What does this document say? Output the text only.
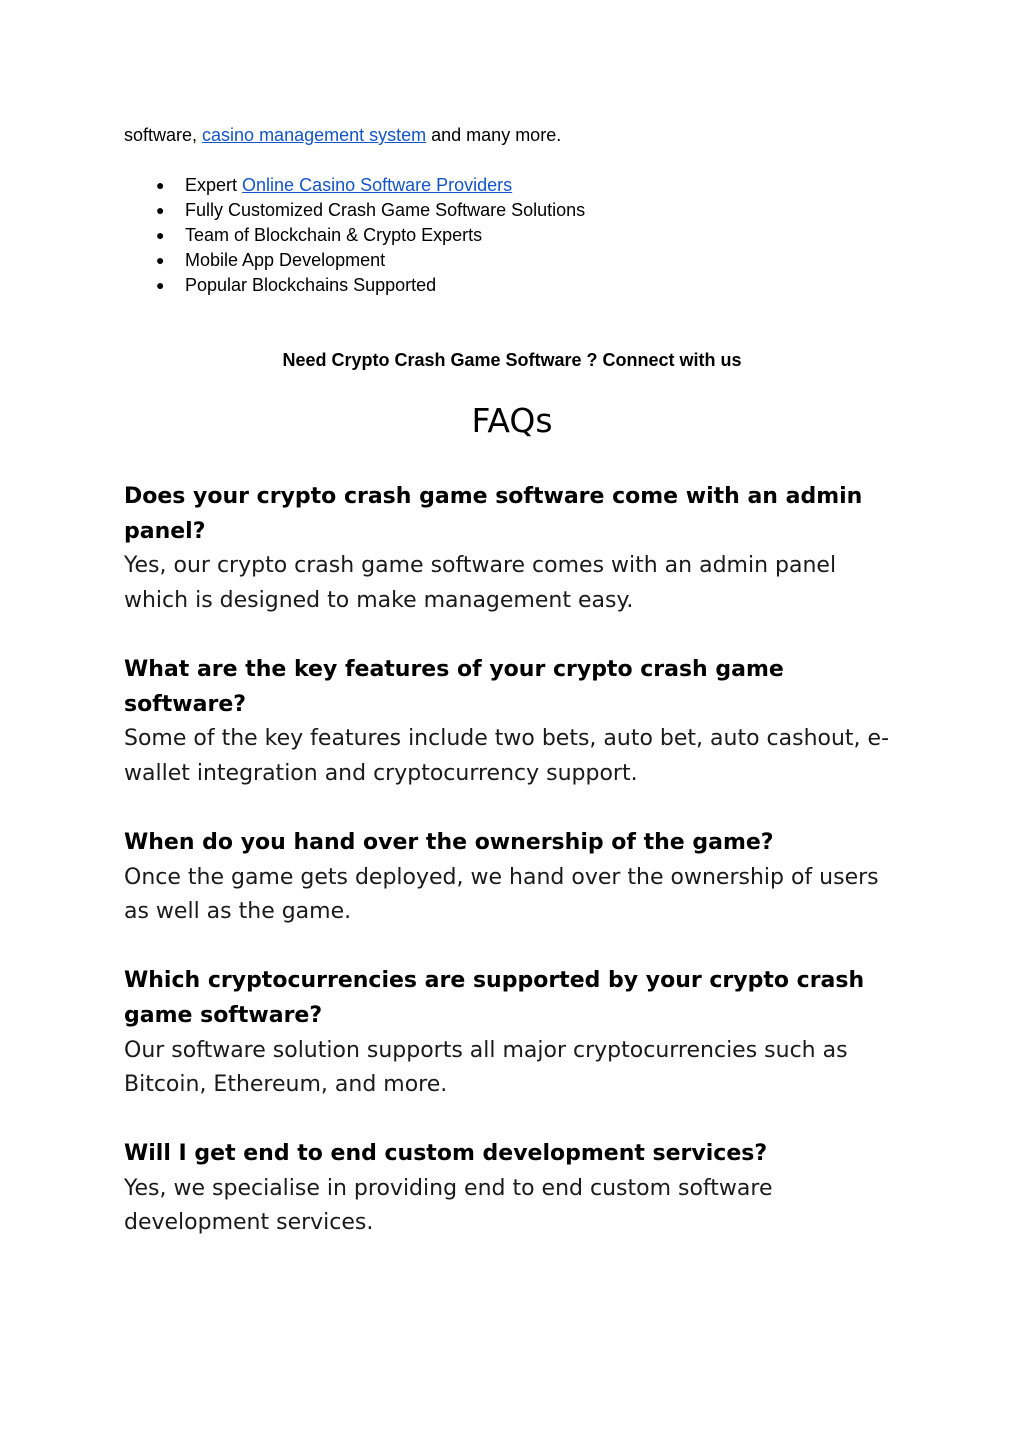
software, casino management system and many more.

● Expert Online Casino Software Providers
● Fully Customized Crash Game Software Solutions
● Team of Blockchain & Crypto Experts
● Mobile App Development
● Popular Blockchains Supported

Need Crypto Crash Game Software ? Connect with us

FAQs

Does your crypto crash game software come with an admin panel?

Yes, our crypto crash game software comes with an admin panel which is designed to make management easy.

What are the key features of your crypto crash game software?

Some of the key features include two bets, auto bet, auto cashout, e-wallet integration and cryptocurrency support.

When do you hand over the ownership of the game?

Once the game gets deployed, we hand over the ownership of users as well as the game.

Which cryptocurrencies are supported by your crypto crash game software?

Our software solution supports all major cryptocurrencies such as Bitcoin, Ethereum, and more.

Will I get end to end custom development services?

Yes, we specialise in providing end to end custom software development services.
